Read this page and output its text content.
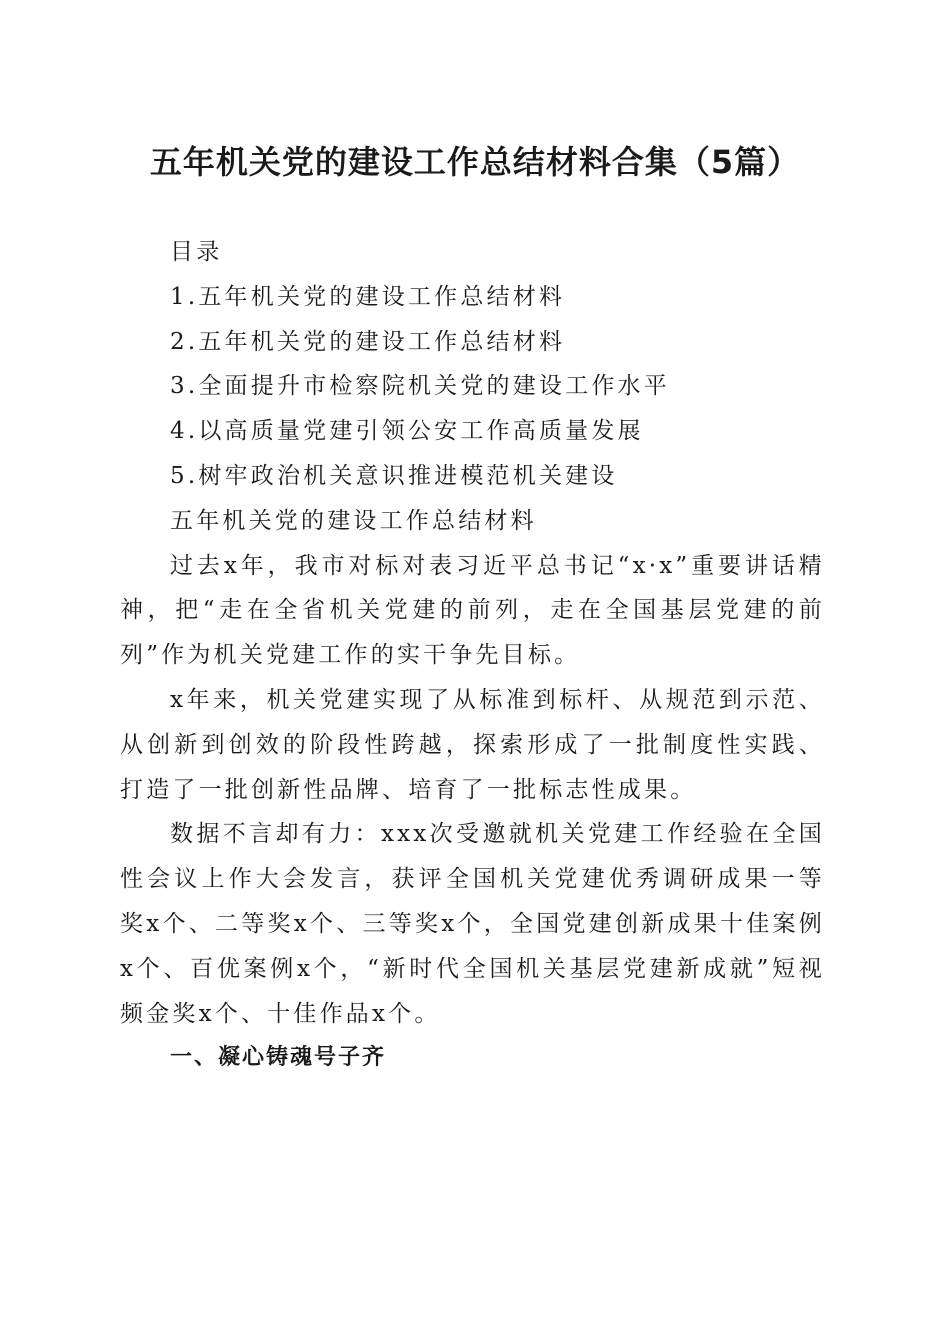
五年机关党的建设工作总结材料合集（5篇）

目录

1.五年机关党的建设工作总结材料

2.五年机关党的建设工作总结材料

3.全面提升市检察院机关党的建设工作水平

4.以高质量党建引领公安工作高质量发展

5.树牢政治机关意识推进模范机关建设

五年机关党的建设工作总结材料

过去x年，我市对标对表习近平总书记“x·x”重要讲话精神，把“走在全省机关党建的前列，走在全国基层党建的前列”作为机关党建工作的实干争先目标。

x年来，机关党建实现了从标准到标杆、从规范到示范、从创新到创效的阶段性跨越，探索形成了一批制度性实践、打造了一批创新性品牌、培育了一批标志性成果。

数据不言却有力：xxx次受邀就机关党建工作经验在全国性会议上作大会发言，获评全国机关党建优秀调研成果一等奖x个、二等奖x个、三等奖x个，全国党建创新成果十佳案例x个、百优案例x个，“新时代全国机关基层党建新成就”短视频金奖x个、十佳作品x个。

一、凝心铸魂号子齐
